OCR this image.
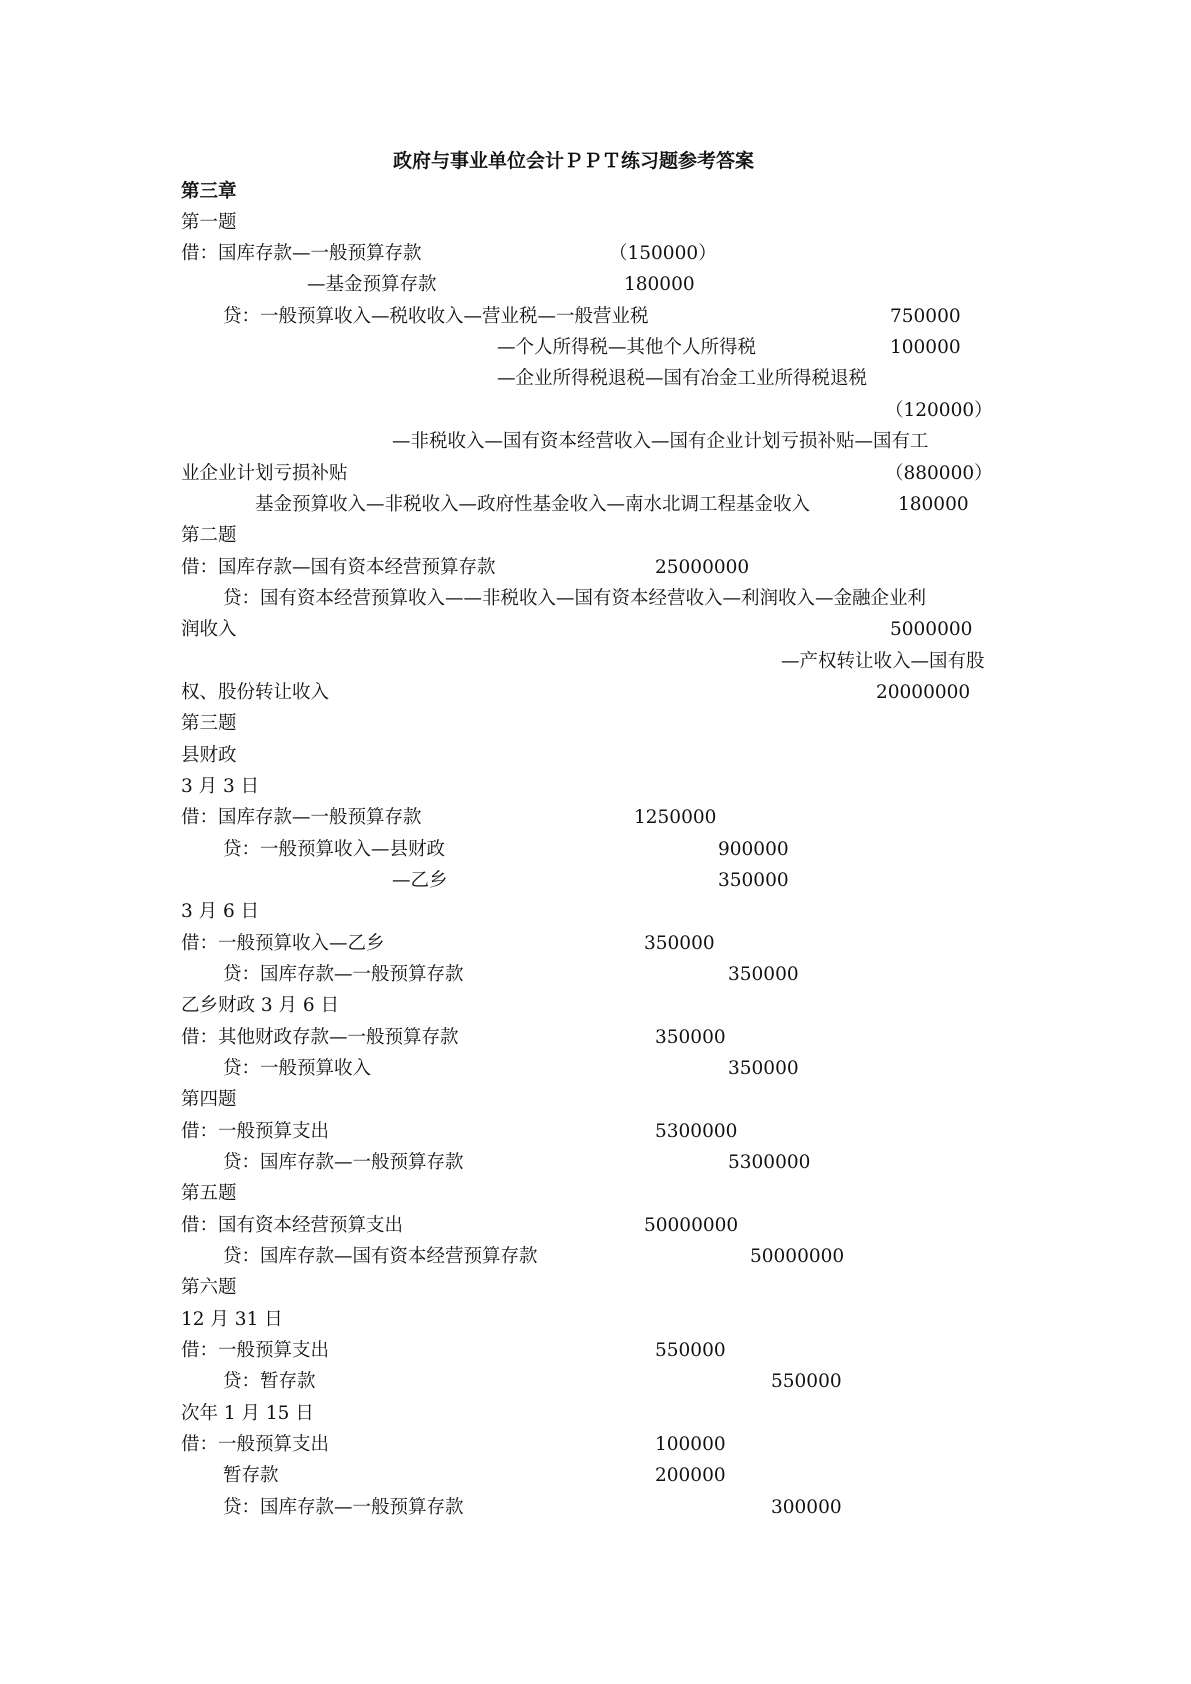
政府与事业单位会计ＰＰＴ练习题参考答案
第三章
第一题
借：国库存款—一般预算存款	（150000）
—基金预算存款	180000
贷：一般预算收入—税收收入—营业税—一般营业税	750000
—个人所得税—其他个人所得税	100000
—企业所得税退税—国有冶金工业所得税退税
（120000）
—非税收入—国有资本经营收入—国有企业计划亏损补贴—国有工
业企业计划亏损补贴	（880000）
基金预算收入—非税收入—政府性基金收入—南水北调工程基金收入	180000
第二题
借：国库存款—国有资本经营预算存款	25000000
贷：国有资本经营预算收入——非税收入—国有资本经营收入—利润收入—金融企业利
润收入	5000000
—产权转让收入—国有股
权、股份转让收入	20000000
第三题
县财政
3 月 3 日
借：国库存款—一般预算存款	1250000
贷：一般预算收入—县财政	900000
—乙乡	350000
3 月 6 日
借：一般预算收入—乙乡	350000
贷：国库存款—一般预算存款	350000
乙乡财政 3 月 6 日
借：其他财政存款—一般预算存款	350000
贷：一般预算收入	350000
第四题
借：一般预算支出	5300000
贷：国库存款—一般预算存款	5300000
第五题
借：国有资本经营预算支出	50000000
贷：国库存款—国有资本经营预算存款	50000000
第六题
12 月 31 日
借：一般预算支出	550000
贷：暂存款	550000
次年 1 月 15 日
借：一般预算支出	100000
暂存款	200000
贷：国库存款—一般预算存款	300000
